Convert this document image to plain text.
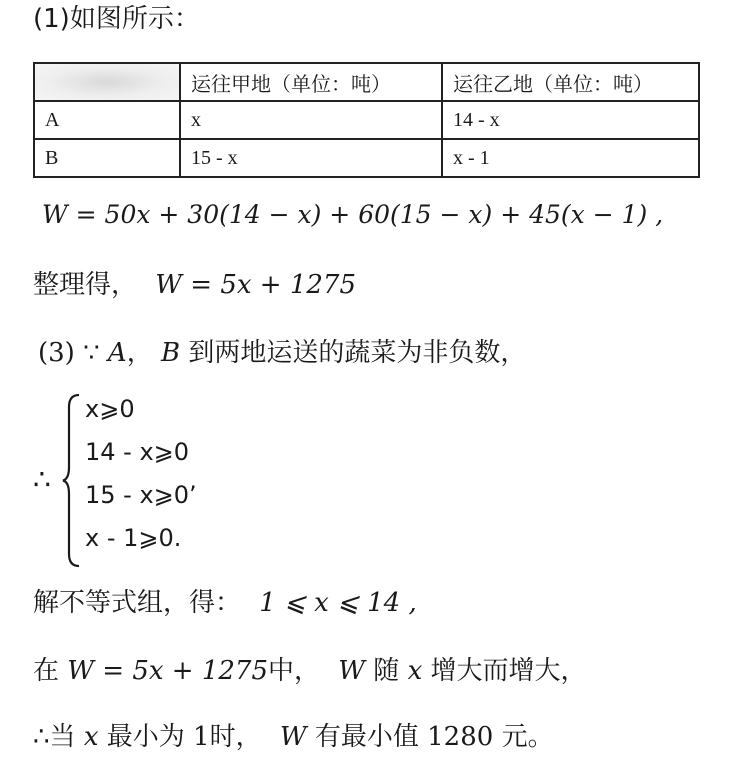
(1)如图所示：
	运往甲地（单位：吨）	运往乙地（单位：吨）
A	x	14 - x
B	15 - x	x - 1
W = 50x + 30(14 − x) + 60(15 − x) + 45(x − 1) ,
整理得， W = 5x + 1275
(3) ∵ A， B 到两地运送的蔬菜为非负数，
∴
x⩾0
14 - x⩾0
15 - x⩾0’
x - 1⩾0.
解不等式组，得： 1 ⩽ x ⩽ 14 ,
在 W = 5x + 1275中， W 随 x 增大而增大，
∴当 x 最小为 1时， W 有最小值 1280 元。
